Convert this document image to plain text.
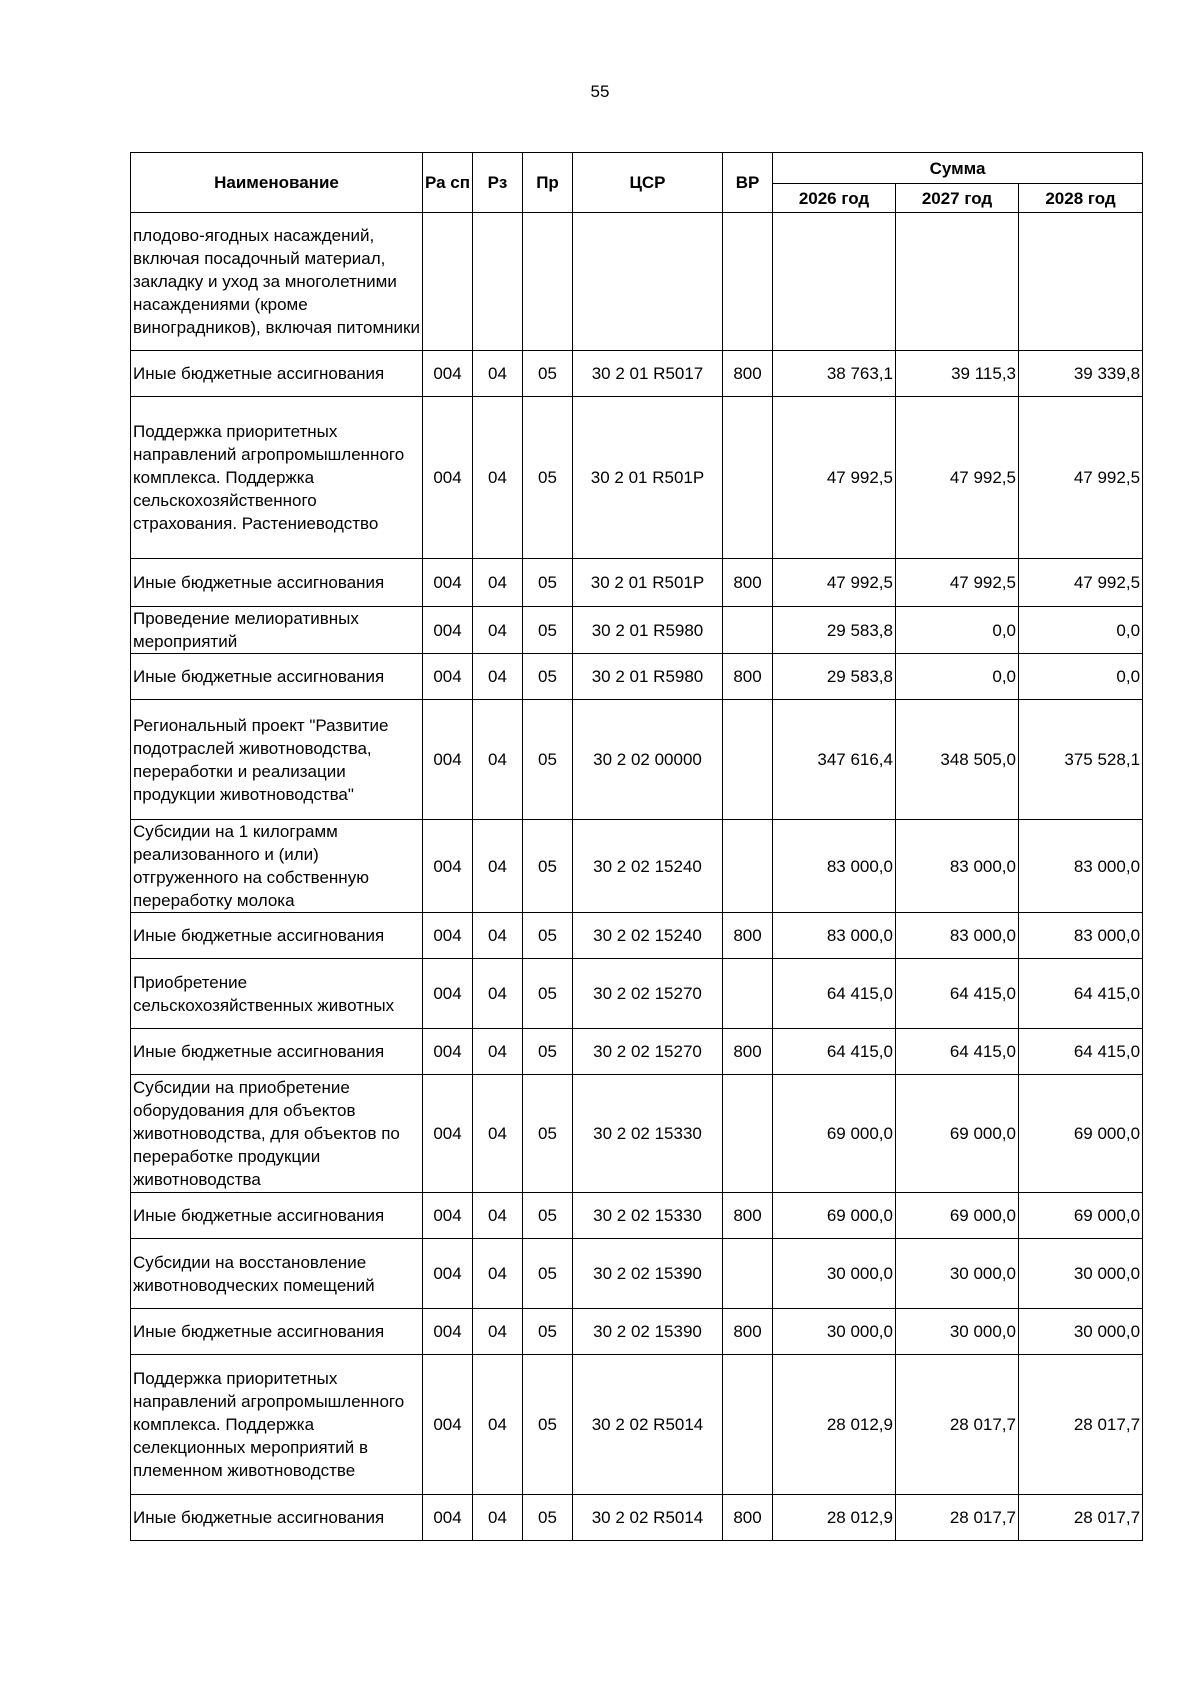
55
Наименование	Ра сп	Рз	Пр	ЦСР	ВР	Сумма		
						2026 год	2027 год	2028 год
плодово-ягодных насаждений, включая посадочный материал, закладку и уход за многолетними насаждениями (кроме виноградников), включая питомники								
Иные бюджетные ассигнования	004	04	05	30 2 01 R5017	800	38 763,1	39 115,3	39 339,8
Поддержка приоритетных направлений агропромышленного комплекса. Поддержка сельскохозяйственного страхования. Растениеводство	004	04	05	30 2 01 R501P		47 992,5	47 992,5	47 992,5
Иные бюджетные ассигнования	004	04	05	30 2 01 R501P	800	47 992,5	47 992,5	47 992,5
Проведение мелиоративных мероприятий	004	04	05	30 2 01 R5980		29 583,8	0,0	0,0
Иные бюджетные ассигнования	004	04	05	30 2 01 R5980	800	29 583,8	0,0	0,0
Региональный проект "Развитие подотраслей животноводства, переработки и реализации продукции животноводства"	004	04	05	30 2 02 00000		347 616,4	348 505,0	375 528,1
Субсидии на 1 килограмм реализованного и (или) отгруженного на собственную переработку молока	004	04	05	30 2 02 15240		83 000,0	83 000,0	83 000,0
Иные бюджетные ассигнования	004	04	05	30 2 02 15240	800	83 000,0	83 000,0	83 000,0
Приобретение сельскохозяйственных животных	004	04	05	30 2 02 15270		64 415,0	64 415,0	64 415,0
Иные бюджетные ассигнования	004	04	05	30 2 02 15270	800	64 415,0	64 415,0	64 415,0
Субсидии на приобретение оборудования для объектов животноводства, для объектов по переработке продукции животноводства	004	04	05	30 2 02 15330		69 000,0	69 000,0	69 000,0
Иные бюджетные ассигнования	004	04	05	30 2 02 15330	800	69 000,0	69 000,0	69 000,0
Субсидии на восстановление животноводческих помещений	004	04	05	30 2 02 15390		30 000,0	30 000,0	30 000,0
Иные бюджетные ассигнования	004	04	05	30 2 02 15390	800	30 000,0	30 000,0	30 000,0
Поддержка приоритетных направлений агропромышленного комплекса. Поддержка селекционных мероприятий в племенном животноводстве	004	04	05	30 2 02 R5014		28 012,9	28 017,7	28 017,7
Иные бюджетные ассигнования	004	04	05	30 2 02 R5014	800	28 012,9	28 017,7	28 017,7
